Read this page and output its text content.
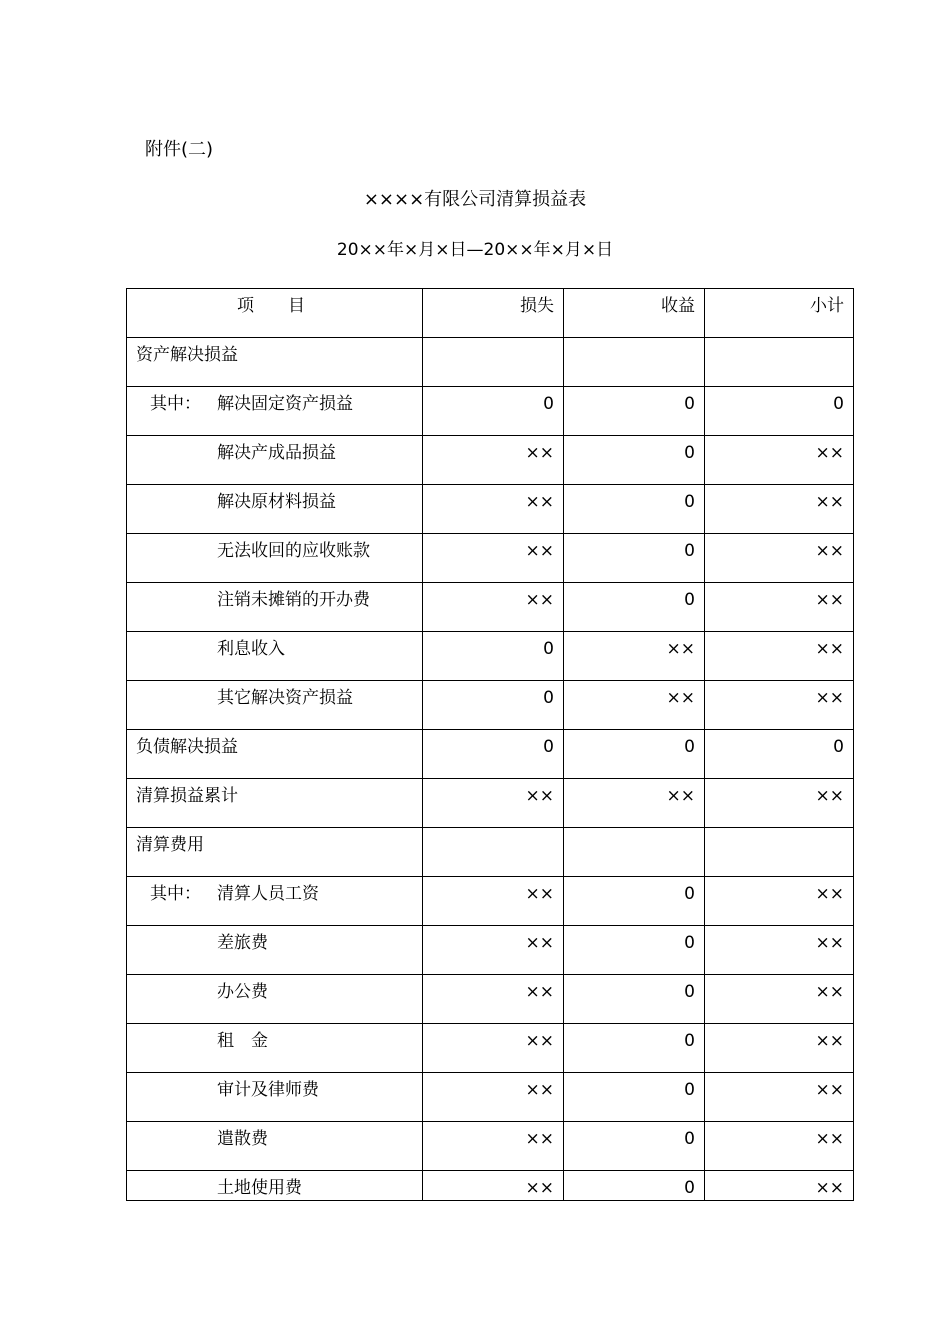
附件(二)
××××有限公司清算损益表
20××年×月×日—20××年×月×日
项　　目	损失	收益	小计

资产解决损益			

其中： 解决固定资产损益	0	0	0

解决产成品损益	××	0	××

解决原材料损益	××	0	××

无法收回的应收账款	××	0	××

注销未摊销的开办费	××	0	××

利息收入	0	××	××

其它解决资产损益	0	××	××

负债解决损益	0	0	0

清算损益累计	××	××	××

清算费用			

其中： 清算人员工资	××	0	××

差旅费	××	0	××

办公费	××	0	××

租　金	××	0	××

审计及律师费	××	0	××

遣散费	××	0	××

土地使用费	××	0	××
